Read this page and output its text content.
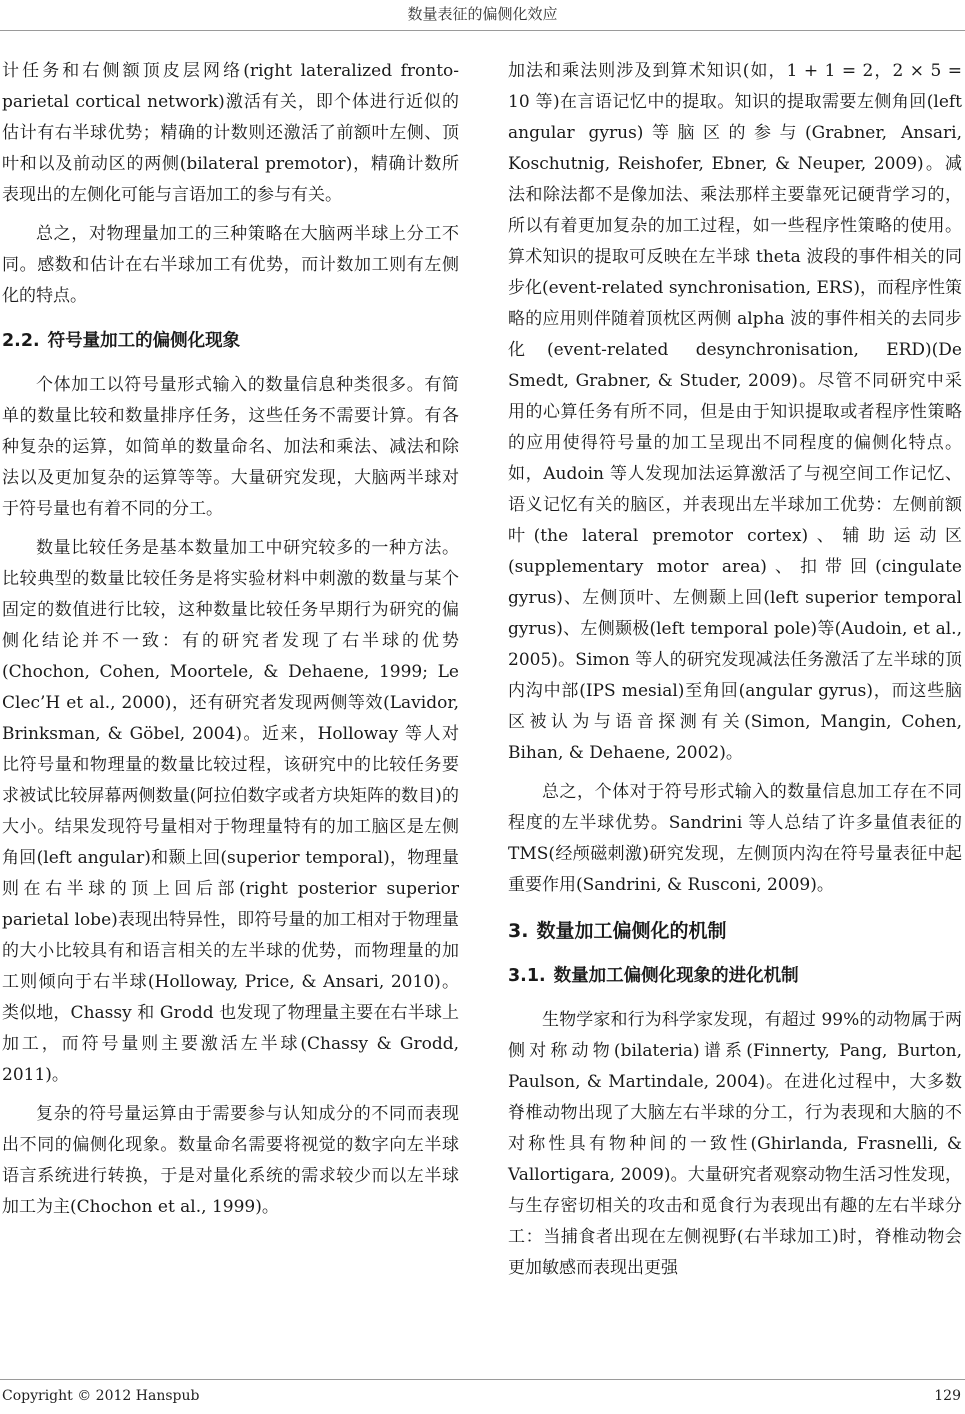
数量表征的偏侧化效应

计任务和右侧额顶皮层网络(right lateralized fronto-parietal cortical network)激活有关，即个体进行近似的估计有右半球优势；精确的计数则还激活了前额叶左侧、顶叶和以及前动区的两侧(bilateral premotor)，精确计数所表现出的左侧化可能与言语加工的参与有关。

总之，对物理量加工的三种策略在大脑两半球上分工不同。感数和估计在右半球加工有优势，而计数加工则有左侧化的特点。

2.2. 符号量加工的偏侧化现象

个体加工以符号量形式输入的数量信息种类很多。有简单的数量比较和数量排序任务，这些任务不需要计算。有各种复杂的运算，如简单的数量命名、加法和乘法、减法和除法以及更加复杂的运算等等。大量研究发现，大脑两半球对于符号量也有着不同的分工。

数量比较任务是基本数量加工中研究较多的一种方法。比较典型的数量比较任务是将实验材料中刺激的数量与某个固定的数值进行比较，这种数量比较任务早期行为研究的偏侧化结论并不一致：有的研究者发现了右半球的优势(Chochon, Cohen, Moortele, & Dehaene, 1999; Le Clec’H et al., 2000)，还有研究者发现两侧等效(Lavidor, Brinksman, & Göbel, 2004)。近来，Holloway 等人对比符号量和物理量的数量比较过程，该研究中的比较任务要求被试比较屏幕两侧数量(阿拉伯数字或者方块矩阵的数目)的大小。结果发现符号量相对于物理量特有的加工脑区是左侧角回(left angular)和颞上回(superior temporal)，物理量则在右半球的顶上回后部(right posterior superior parietal lobe)表现出特异性，即符号量的加工相对于物理量的大小比较具有和语言相关的左半球的优势，而物理量的加工则倾向于右半球(Holloway, Price, & Ansari, 2010)。类似地，Chassy 和 Grodd 也发现了物理量主要在右半球上加工，而符号量则主要激活左半球(Chassy & Grodd, 2011)。

复杂的符号量运算由于需要参与认知成分的不同而表现出不同的偏侧化现象。数量命名需要将视觉的数字向左半球语言系统进行转换，于是对量化系统的需求较少而以左半球加工为主(Chochon et al., 1999)。

加法和乘法则涉及到算术知识(如，1 + 1 = 2，2 × 5 = 10 等)在言语记忆中的提取。知识的提取需要左侧角回(left angular gyrus)等脑区的参与(Grabner, Ansari, Koschutnig, Reishofer, Ebner, & Neuper, 2009)。减法和除法都不是像加法、乘法那样主要靠死记硬背学习的，所以有着更加复杂的加工过程，如一些程序性策略的使用。算术知识的提取可反映在左半球 theta 波段的事件相关的同步化(event-related synchronisation, ERS)，而程序性策略的应用则伴随着顶枕区两侧 alpha 波的事件相关的去同步化(event-related desynchronisation, ERD)(De Smedt, Grabner, & Studer, 2009)。尽管不同研究中采用的心算任务有所不同，但是由于知识提取或者程序性策略的应用使得符号量的加工呈现出不同程度的偏侧化特点。如，Audoin 等人发现加法运算激活了与视空间工作记忆、语义记忆有关的脑区，并表现出左半球加工优势：左侧前额叶(the lateral premotor cortex)、辅助运动区(supplementary motor area)、扣带回(cingulate gyrus)、左侧顶叶、左侧颞上回(left superior temporal gyrus)、左侧颞极(left temporal pole)等(Audoin, et al., 2005)。Simon 等人的研究发现减法任务激活了左半球的顶内沟中部(IPS mesial)至角回(angular gyrus)，而这些脑区被认为与语音探测有关(Simon, Mangin, Cohen, Bihan, & Dehaene, 2002)。

总之，个体对于符号形式输入的数量信息加工存在不同程度的左半球优势。Sandrini 等人总结了许多量值表征的 TMS(经颅磁刺激)研究发现，左侧顶内沟在符号量表征中起重要作用(Sandrini, & Rusconi, 2009)。

3. 数量加工偏侧化的机制
3.1. 数量加工偏侧化现象的进化机制

生物学家和行为科学家发现，有超过 99%的动物属于两侧对称动物(bilateria)谱系(Finnerty, Pang, Burton, Paulson, & Martindale, 2004)。在进化过程中，大多数脊椎动物出现了大脑左右半球的分工，行为表现和大脑的不对称性具有物种间的一致性(Ghirlanda, Frasnelli, & Vallortigara, 2009)。大量研究者观察动物生活习性发现，与生存密切相关的攻击和觅食行为表现出有趣的左右半球分工：当捕食者出现在左侧视野(右半球加工)时，脊椎动物会更加敏感而表现出更强

Copyright © 2012 Hanspub	129
